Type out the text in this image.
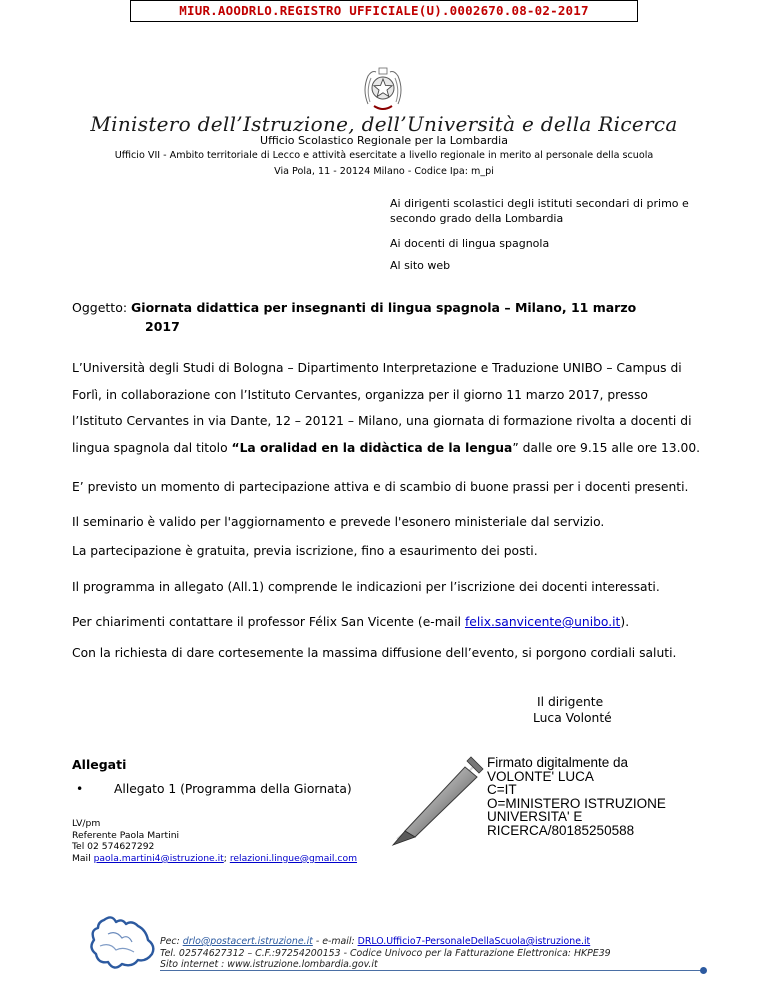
MIUR.AOODRLO.REGISTRO UFFICIALE(U).0002670.08-02-2017
Ministero dell’Istruzione, dell’Università e della Ricerca
Ufficio Scolastico Regionale per la Lombardia
Ufficio VII - Ambito territoriale di Lecco e attività esercitate a livello regionale in merito al personale della scuola
Via Pola, 11 - 20124 Milano - Codice Ipa: m_pi
Ai dirigenti scolastici degli istituti secondari di primo e secondo grado della Lombardia
Ai docenti di lingua spagnola
Al sito web
Oggetto: Giornata didattica per insegnanti di lingua spagnola – Milano, 11 marzo
2017
L’Università degli Studi di Bologna – Dipartimento Interpretazione e Traduzione UNIBO – Campus di Forlì, in collaborazione con l’Istituto Cervantes, organizza per il giorno 11 marzo 2017, presso l’Istituto Cervantes in via Dante, 12 – 20121 – Milano, una giornata di formazione rivolta a docenti di lingua spagnola dal titolo “La oralidad en la didàctica de la lengua” dalle ore 9.15 alle ore 13.00.
E’ previsto un momento di partecipazione attiva e di scambio di buone prassi per i docenti presenti.
Il seminario è valido per l'aggiornamento e prevede l'esonero ministeriale dal servizio.
La partecipazione è gratuita, previa iscrizione, fino a esaurimento dei posti.
Il programma in allegato (All.1) comprende le indicazioni per l’iscrizione dei docenti interessati.
Per chiarimenti contattare il professor Félix San Vicente (e-mail felix.sanvicente@unibo.it).
Con la richiesta di dare cortesemente la massima diffusione dell’evento, si porgono cordiali saluti.
Il dirigente
Luca Volonté
Allegati
• Allegato 1 (Programma della Giornata)
Firmato digitalmente da
VOLONTE' LUCA
C=IT
O=MINISTERO ISTRUZIONE
UNIVERSITA' E
RICERCA/80185250588
LV/pm
Referente Paola Martini
Tel 02 574627292
Mail paola.martini4@istruzione.it; relazioni.lingue@gmail.com
Pec: drlo@postacert.istruzione.it - e-mail: DRLO.Ufficio7-PersonaleDellaScuola@istruzione.it
Tel. 02574627312 – C.F.:97254200153 - Codice Univoco per la Fatturazione Elettronica: HKPE39
Sito internet : www.istruzione.lombardia.gov.it
